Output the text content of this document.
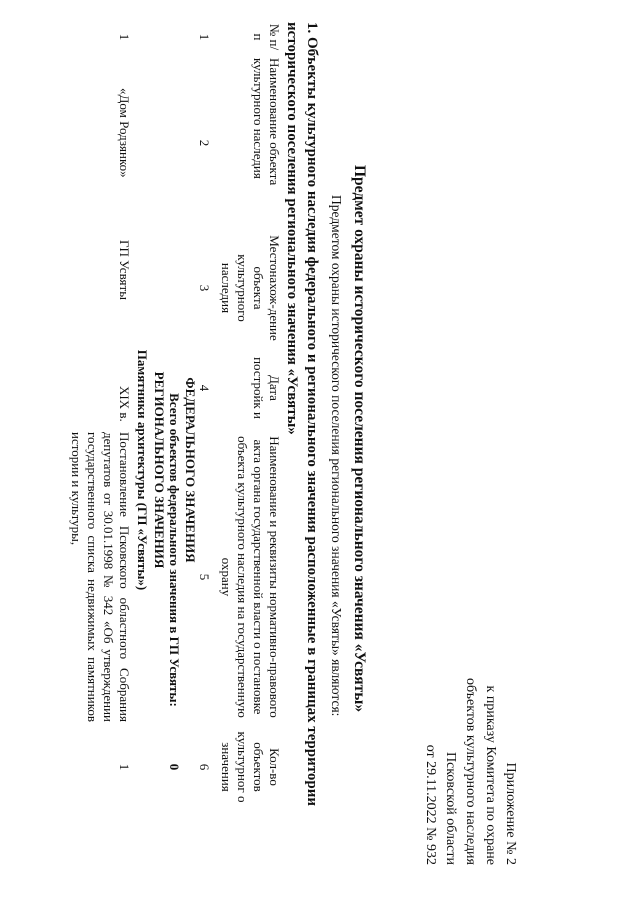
Приложение № 2
к приказу Комитета по охране
объектов культурного наследия
Псковской области
от 29.11.2022 № 932
Предмет охраны исторического поселения регионального значения «Усвяты»
Предметом охраны исторического поселения регионального значения «Усвяты» являются:
1. Объекты культурного наследия федерального и регионального значения расположенные в границах территории исторического поселения регионального значения «Усвяты»
№ п/п
Наименование объекта культурного наследия
Местонахож-дение объекта культурного наследия
Дата постройк и
Наименование и реквизиты нормативно-правового акта органа государственной власти о постановке объекта культурного наследия на государственную охрану
Кол-во объектов культурног о значения
1
2
3
4
5
6
ФЕДЕРАЛЬНОГО ЗНАЧЕНИЯ
Всего объектов федерального значения в ГП Усвяты:
0
РЕГИОНАЛЬНОГО ЗНАЧЕНИЯ
Памятники архитектуры (ГП «Усвяты»)
1
«Дом Родзянко»
ГП Усвяты
XIX в.
Постановление Псковского областного Собрания депутатов от 30.01.1998 № 342 «Об утверждении государственного списка недвижимых памятников истории и культуры,
1
